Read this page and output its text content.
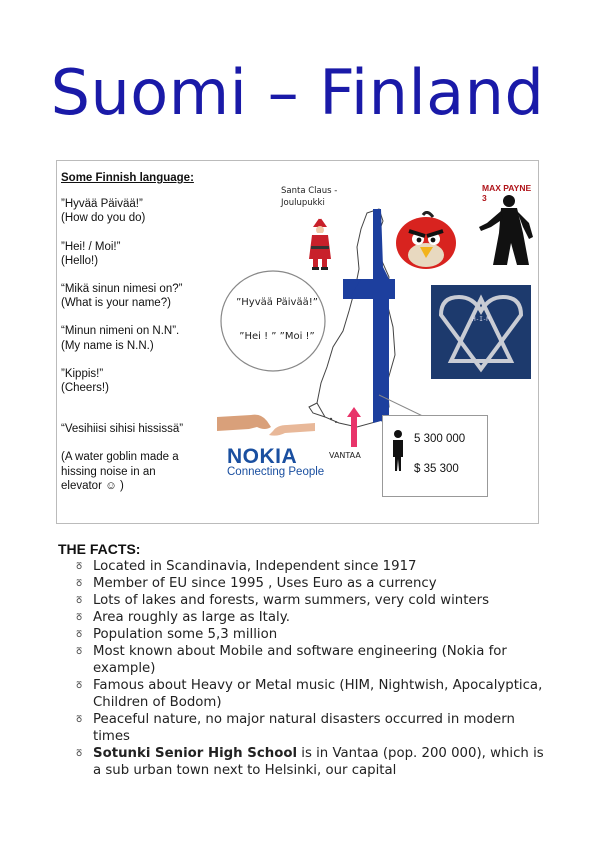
Suomi – Finland
Some Finnish language:
”Hyvää Päivää!”
(How do you do)
”Hei! / Moi!”
(Hello!)
“Mikä sinun nimesi on?”
(What is your name?)
“Minun nimeni on N.N”.
(My name is N.N.)
”Kippis!”
(Cheers!)
“Vesihiisi sihisi hississä”
(A water goblin made a
hissing noise in an
elevator ☺ )
Santa Claus -
Joulupukki
”Hyvää Päivää!”
”Hei ! ” ”Moi !”
MAX PAYNE 3
H-I-M
NOKIA
Connecting People
VANTAA
5 300 000
$ 35 300
THE FACTS:
🜻 Located in Scandinavia, Independent since 1917
🜻 Member of EU since 1995 , Uses Euro as a currency
🜻 Lots of lakes and forests, warm summers, very cold winters
🜻 Area roughly as large as Italy.
🜻 Population some 5,3 million
🜻 Most known about Mobile and software engineering (Nokia for example)
🜻 Famous about Heavy or Metal music (HIM, Nightwish, Apocalyptica, Children of Bodom)
🜻 Peaceful nature, no major natural disasters occurred in modern times
🜻 Sotunki Senior High School is in Vantaa (pop. 200 000), which is a sub urban town next to Helsinki, our capital
